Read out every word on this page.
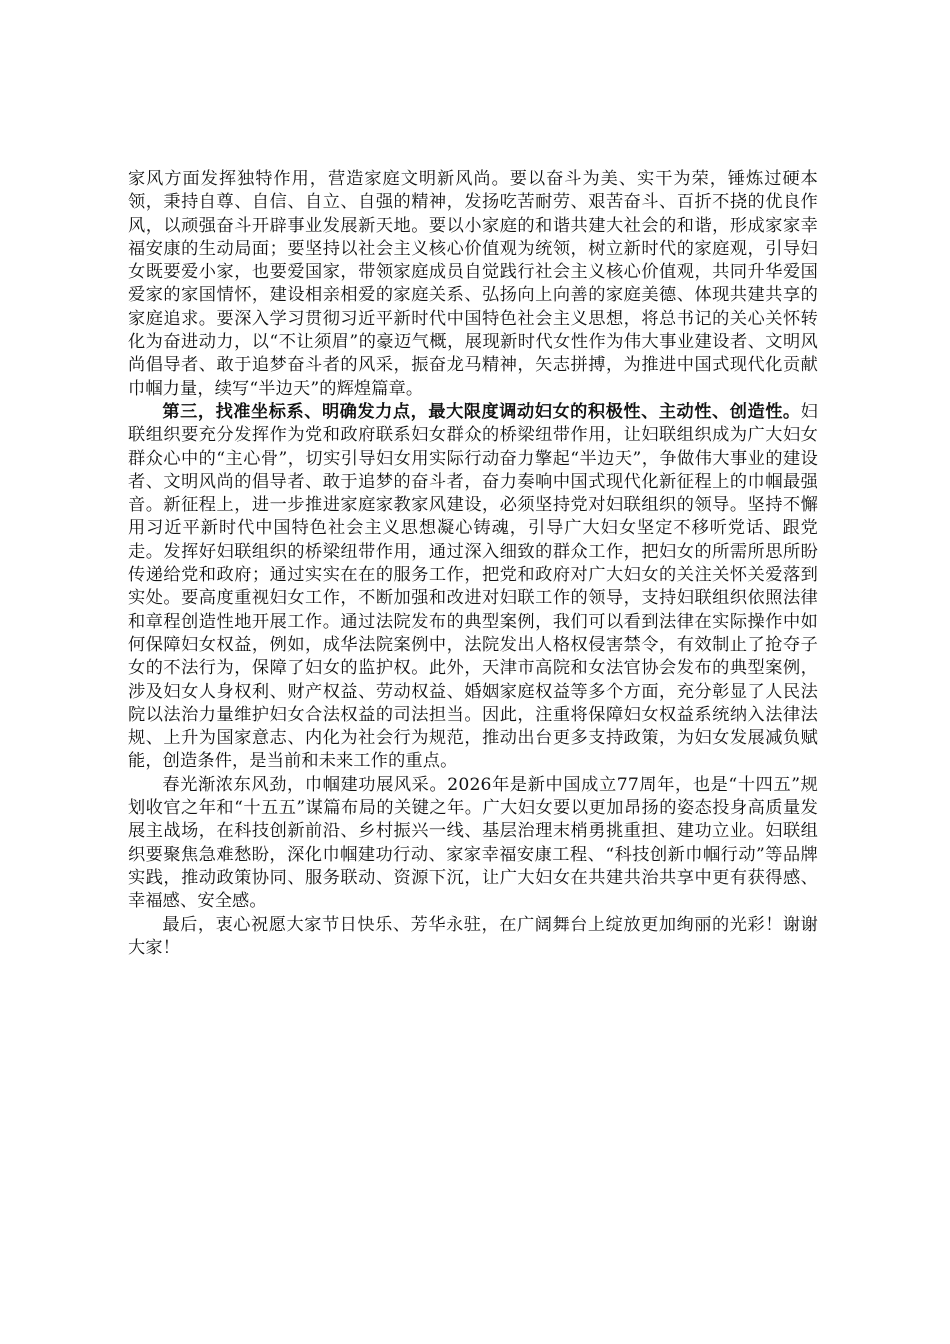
家风方面发挥独特作用，营造家庭文明新风尚。要以奋斗为美、实干为荣，锤炼过硬本领，秉持自尊、自信、自立、自强的精神，发扬吃苦耐劳、艰苦奋斗、百折不挠的优良作风，以顽强奋斗开辟事业发展新天地。要以小家庭的和谐共建大社会的和谐，形成家家幸福安康的生动局面；要坚持以社会主义核心价值观为统领，树立新时代的家庭观，引导妇女既要爱小家，也要爱国家，带领家庭成员自觉践行社会主义核心价值观，共同升华爱国爱家的家国情怀，建设相亲相爱的家庭关系、弘扬向上向善的家庭美德、体现共建共享的家庭追求。要深入学习贯彻习近平新时代中国特色社会主义思想，将总书记的关心关怀转化为奋进动力，以“不让须眉”的豪迈气概，展现新时代女性作为伟大事业建设者、文明风尚倡导者、敢于追梦奋斗者的风采，振奋龙马精神，矢志拼搏，为推进中国式现代化贡献巾帼力量，续写“半边天”的辉煌篇章。

第三，找准坐标系、明确发力点，最大限度调动妇女的积极性、主动性、创造性。妇联组织要充分发挥作为党和政府联系妇女群众的桥梁纽带作用，让妇联组织成为广大妇女群众心中的“主心骨”，切实引导妇女用实际行动奋力擎起“半边天”，争做伟大事业的建设者、文明风尚的倡导者、敢于追梦的奋斗者，奋力奏响中国式现代化新征程上的巾帼最强音。新征程上，进一步推进家庭家教家风建设，必须坚持党对妇联组织的领导。坚持不懈用习近平新时代中国特色社会主义思想凝心铸魂，引导广大妇女坚定不移听党话、跟党走。发挥好妇联组织的桥梁纽带作用，通过深入细致的群众工作，把妇女的所需所思所盼传递给党和政府；通过实实在在的服务工作，把党和政府对广大妇女的关注关怀关爱落到实处。要高度重视妇女工作，不断加强和改进对妇联工作的领导，支持妇联组织依照法律和章程创造性地开展工作。通过法院发布的典型案例，我们可以看到法律在实际操作中如何保障妇女权益，例如，成华法院案例中，法院发出人格权侵害禁令，有效制止了抢夺子女的不法行为，保障了妇女的监护权。此外，天津市高院和女法官协会发布的典型案例，涉及妇女人身权利、财产权益、劳动权益、婚姻家庭权益等多个方面，充分彰显了人民法院以法治力量维护妇女合法权益的司法担当。因此，注重将保障妇女权益系统纳入法律法规、上升为国家意志、内化为社会行为规范，推动出台更多支持政策，为妇女发展减负赋能，创造条件，是当前和未来工作的重点。

春光渐浓东风劲，巾帼建功展风采。2026年是新中国成立77周年，也是“十四五”规划收官之年和“十五五”谋篇布局的关键之年。广大妇女要以更加昂扬的姿态投身高质量发展主战场，在科技创新前沿、乡村振兴一线、基层治理末梢勇挑重担、建功立业。妇联组织要聚焦急难愁盼，深化巾帼建功行动、家家幸福安康工程、“科技创新巾帼行动”等品牌实践，推动政策协同、服务联动、资源下沉，让广大妇女在共建共治共享中更有获得感、幸福感、安全感。

最后，衷心祝愿大家节日快乐、芳华永驻，在广阔舞台上绽放更加绚丽的光彩！谢谢大家！
